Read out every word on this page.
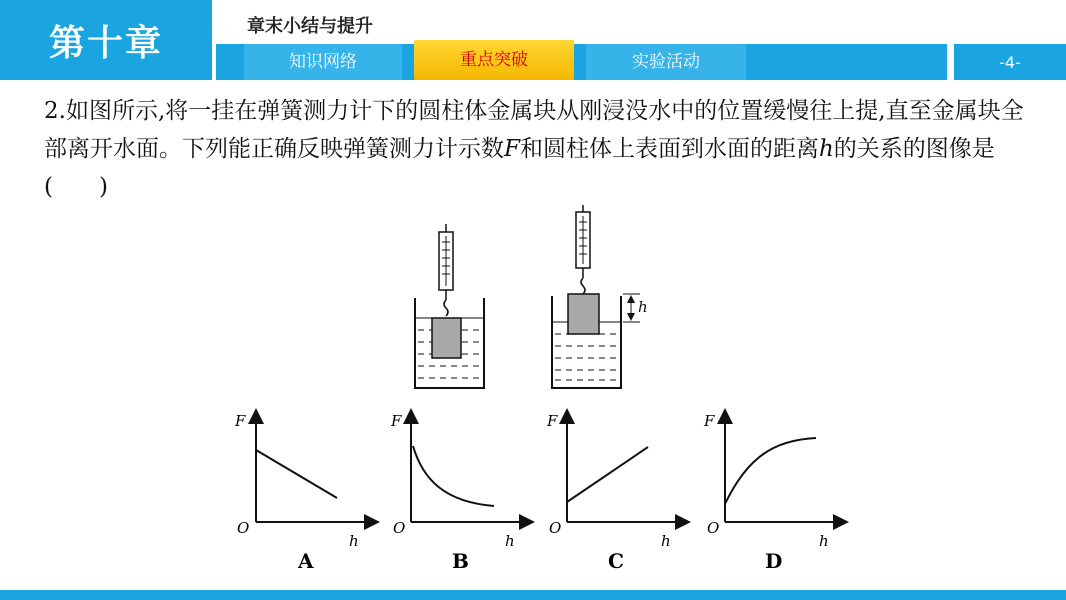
第十章	章末小结与提升
知识网络	重点突破	实验活动	-4-
2.如图所示,将一挂在弹簧测力计下的圆柱体金属块从刚浸没水中的位置缓慢往上提,直至金属块全部离开水面。下列能正确反映弹簧测力计示数F和圆柱体上表面到水面的距离h的关系的图像是(　　)
h
F
O
h
A
F
O
h
B
F
O
h
C
F
O
h
D
